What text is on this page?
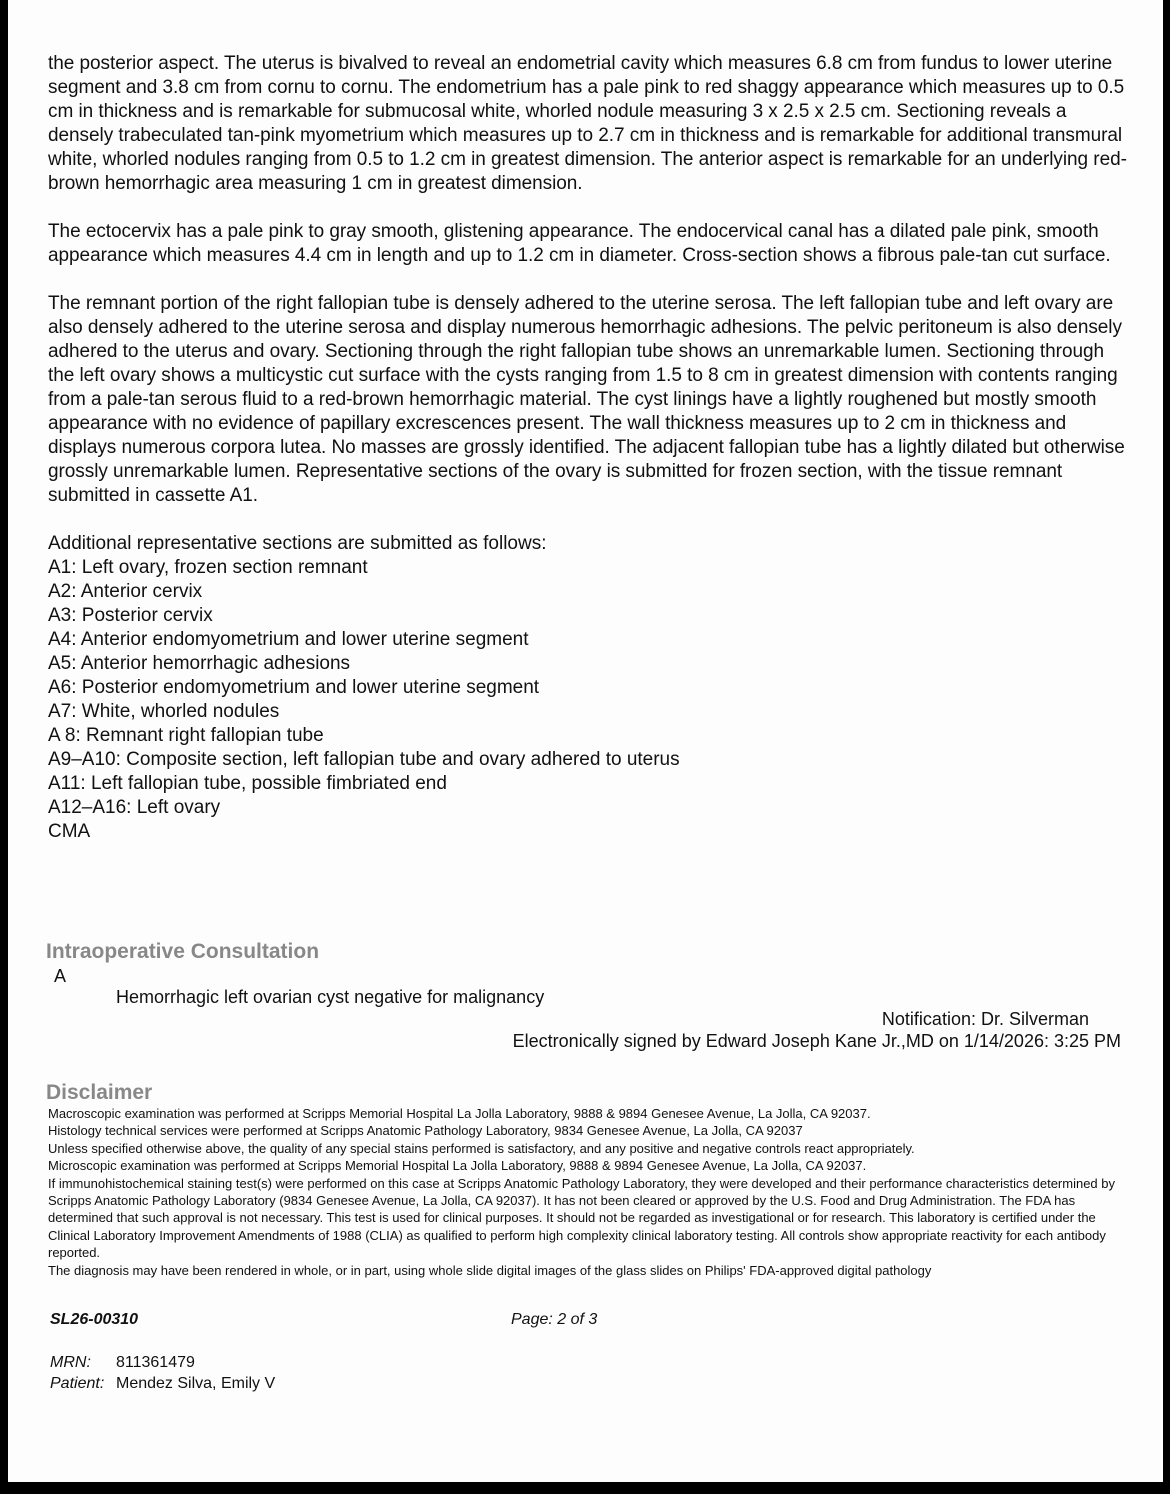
the posterior aspect. The uterus is bivalved to reveal an endometrial cavity which measures 6.8 cm from fundus to lower uterine segment and 3.8 cm from cornu to cornu. The endometrium has a pale pink to red shaggy appearance which measures up to 0.5 cm in thickness and is remarkable for submucosal white, whorled nodule measuring 3 x 2.5 x 2.5 cm. Sectioning reveals a densely trabeculated tan-pink myometrium which measures up to 2.7 cm in thickness and is remarkable for additional transmural white, whorled nodules ranging from 0.5 to 1.2 cm in greatest dimension. The anterior aspect is remarkable for an underlying red-brown hemorrhagic area measuring 1 cm in greatest dimension.

The ectocervix has a pale pink to gray smooth, glistening appearance. The endocervical canal has a dilated pale pink, smooth appearance which measures 4.4 cm in length and up to 1.2 cm in diameter. Cross-section shows a fibrous pale-tan cut surface.

The remnant portion of the right fallopian tube is densely adhered to the uterine serosa. The left fallopian tube and left ovary are also densely adhered to the uterine serosa and display numerous hemorrhagic adhesions. The pelvic peritoneum is also densely adhered to the uterus and ovary. Sectioning through the right fallopian tube shows an unremarkable lumen. Sectioning through the left ovary shows a multicystic cut surface with the cysts ranging from 1.5 to 8 cm in greatest dimension with contents ranging from a pale-tan serous fluid to a red-brown hemorrhagic material. The cyst linings have a lightly roughened but mostly smooth appearance with no evidence of papillary excrescences present. The wall thickness measures up to 2 cm in thickness and displays numerous corpora lutea. No masses are grossly identified. The adjacent fallopian tube has a lightly dilated but otherwise grossly unremarkable lumen. Representative sections of the ovary is submitted for frozen section, with the tissue remnant submitted in cassette A1.

Additional representative sections are submitted as follows:

A1: Left ovary, frozen section remnant

A2: Anterior cervix

A3: Posterior cervix

A4: Anterior endomyometrium and lower uterine segment

A5: Anterior hemorrhagic adhesions

A6: Posterior endomyometrium and lower uterine segment

A7: White, whorled nodules

A 8: Remnant right fallopian tube

A9–A10: Composite section, left fallopian tube and ovary adhered to uterus

A11: Left fallopian tube, possible fimbriated end

A12–A16: Left ovary

CMA

Intraoperative Consultation
A
Hemorrhagic left ovarian cyst negative for malignancy
Notification: Dr. Silverman
Electronically signed by Edward Joseph Kane Jr.,MD on 1/14/2026: 3:25 PM
Disclaimer

Macroscopic examination was performed at Scripps Memorial Hospital La Jolla Laboratory, 9888 & 9894 Genesee Avenue, La Jolla, CA 92037.

Histology technical services were performed at Scripps Anatomic Pathology Laboratory, 9834 Genesee Avenue, La Jolla, CA 92037

Unless specified otherwise above, the quality of any special stains performed is satisfactory, and any positive and negative controls react appropriately.

Microscopic examination was performed at Scripps Memorial Hospital La Jolla Laboratory, 9888 & 9894 Genesee Avenue, La Jolla, CA 92037.

If immunohistochemical staining test(s) were performed on this case at Scripps Anatomic Pathology Laboratory, they were developed and their performance characteristics determined by Scripps Anatomic Pathology Laboratory (9834 Genesee Avenue, La Jolla, CA 92037). It has not been cleared or approved by the U.S. Food and Drug Administration. The FDA has determined that such approval is not necessary. This test is used for clinical purposes. It should not be regarded as investigational or for research. This laboratory is certified under the Clinical Laboratory Improvement Amendments of 1988 (CLIA) as qualified to perform high complexity clinical laboratory testing. All controls show appropriate reactivity for each antibody reported.

The diagnosis may have been rendered in whole, or in part, using whole slide digital images of the glass slides on Philips' FDA-approved digital pathology

SL26-00310	Page: 2 of 3
MRN: 811361479
Patient: Mendez Silva, Emily V
